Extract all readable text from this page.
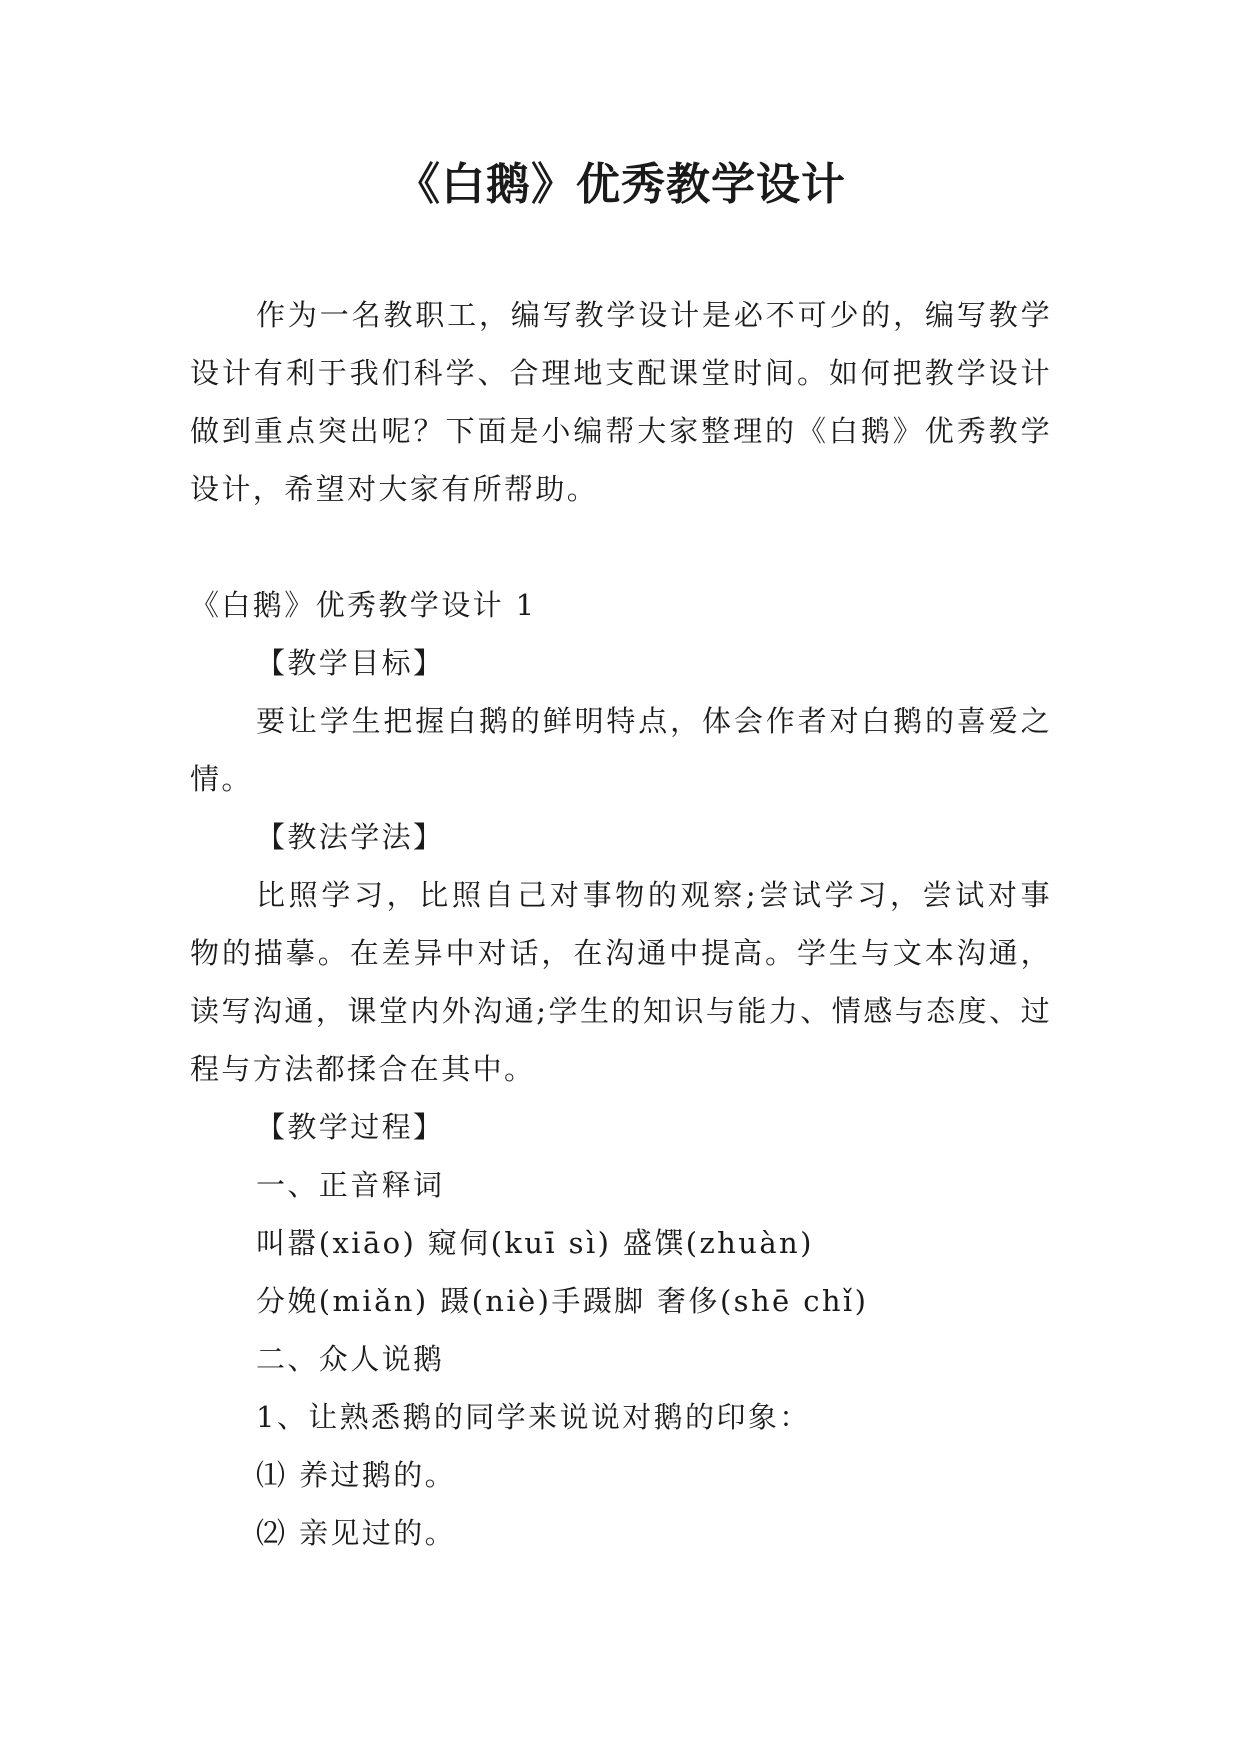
《白鹅》优秀教学设计

作为一名教职工，编写教学设计是必不可少的，编写教学设计有利于我们科学、合理地支配课堂时间。如何把教学设计做到重点突出呢？下面是小编帮大家整理的《白鹅》优秀教学设计，希望对大家有所帮助。

《白鹅》优秀教学设计 1

【教学目标】

要让学生把握白鹅的鲜明特点，体会作者对白鹅的喜爱之情。

【教法学法】

比照学习，比照自己对事物的观察;尝试学习，尝试对事物的描摹。在差异中对话，在沟通中提高。学生与文本沟通，读写沟通，课堂内外沟通;学生的知识与能力、情感与态度、过程与方法都揉合在其中。

【教学过程】

一、正音释词

叫嚣(xiāo) 窥伺(kuī sì) 盛馔(zhuàn)

分娩(miǎn) 蹑(niè)手蹑脚 奢侈(shē chǐ)

二、众人说鹅

1、让熟悉鹅的同学来说说对鹅的印象：

⑴ 养过鹅的。

⑵ 亲见过的。
